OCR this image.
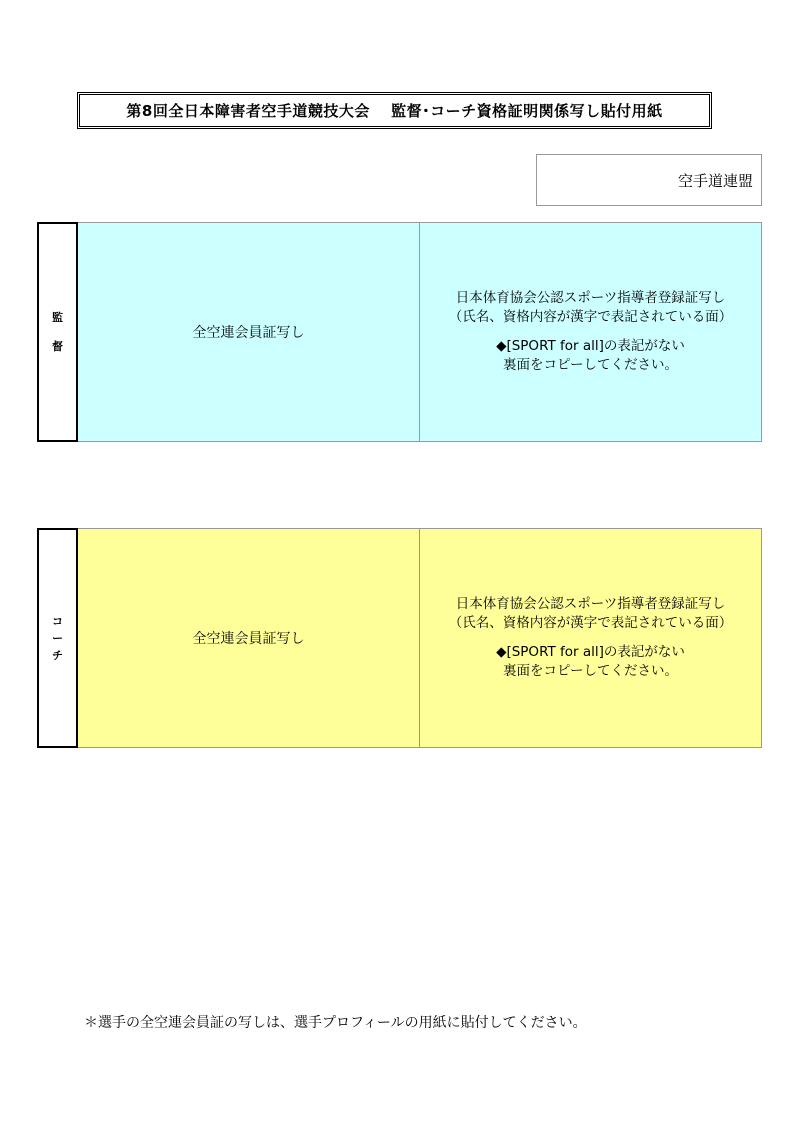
第8回全日本障害者空手道競技大会　 監督･コーチ資格証明関係写し貼付用紙
空手道連盟
監
督
全空連会員証写し
日本体育協会公認スポーツ指導者登録証写し
（氏名、資格内容が漢字で表記されている面）
◆[SPORT for all]の表記がない
裏面をコピーしてください。
コ
ー
チ
全空連会員証写し
日本体育協会公認スポーツ指導者登録証写し
（氏名、資格内容が漢字で表記されている面）
◆[SPORT for all]の表記がない
裏面をコピーしてください。
＊選手の全空連会員証の写しは、選手プロフィールの用紙に貼付してください。
